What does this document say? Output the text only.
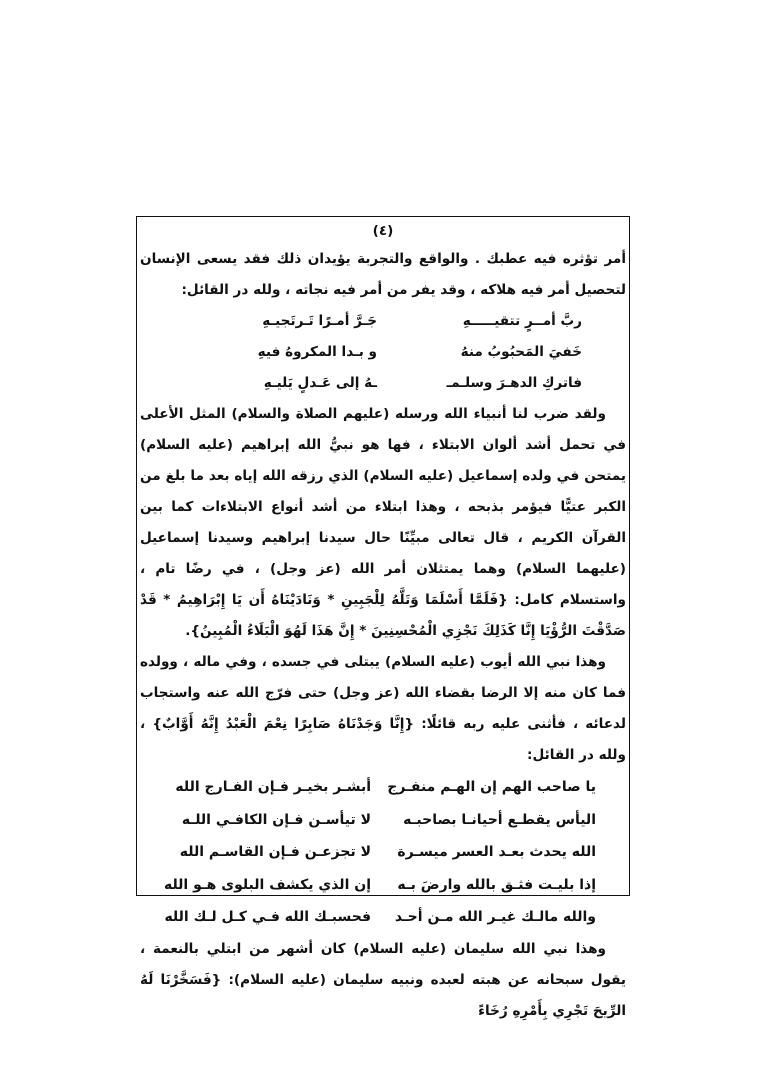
(٤)
أمر تؤثره فيه عطبك . والواقع والتجربة يؤيدان ذلك فقد يسعى الإنسان لتحصيل أمر فيه هلاكه ، وقد يفر من أمر فيه نجاته ، ولله در القائل:
ربَّ أمــرٍ تتقيـــــهِ
جَـرَّ أمـرًا تَـرتَجيـهِ
خَفيَ المَحبُوبُ منهُ
و بـدا المكروهُ فيهِ
فاتركِ الدهـرَ وسلـمـ
ـهُ إلى عَـدلٍ يَليـهِ
ولقد ضرب لنا أنبياء الله ورسله (عليهم الصلاة والسلام) المثل الأعلى في تحمل أشد ألوان الابتلاء ، فها هو نبيُّ الله إبراهيم (عليه السلام) يمتحن في ولده إسماعيل (عليه السلام) الذي رزقه الله إياه بعد ما بلغ من الكبر عتيًّا فيؤمر بذبحه ، وهذا ابتلاء من أشد أنواع الابتلاءات كما بين القرآن الكريم ، قال تعالى مبيِّنًا حال سيدنا إبراهيم وسيدنا إسماعيل (عليهما السلام) وهما يمتثلان أمر الله (عز وجل) ، في رضًا تام ، واستسلام كامل: {فَلَمَّا أَسْلَمَا وَتَلَّهُ لِلْجَبِينِ * وَنَادَيْنَاهُ أَن يَا إِبْرَاهِيمُ * قَدْ صَدَّقْتَ الرُّؤْيَا إِنَّا كَذَلِكَ نَجْزِي الْمُحْسِنِينَ * إِنَّ هَذَا لَهُوَ الْبَلَاءُ الْمُبِينُ}.
وهذا نبي الله أيوب (عليه السلام) يبتلى في جسده ، وفي ماله ، وولده فما كان منه إلا الرضا بقضاء الله (عز وجل) حتى فرّج الله عنه واستجاب لدعائه ، فأثنى عليه ربه قائلًا: {إِنَّا وَجَدْنَاهُ صَابِرًا نِعْمَ الْعَبْدُ إِنَّهُ أَوَّابٌ} ، ولله در القائل:
يا صاحب الهم إن الهـم منفـرج
أبشـر بخيـر فـإن الفـارج الله
اليأس يقطـع أحيانـا بصاحبـه
لا تيأسـن فـإن الكافـي اللـه
الله يحدث بعـد العسر ميسـرة
لا تجزعـن فـإن القاسـم الله
إذا بليـت فثـق بالله وارضَ بـه
إن الذي يكشف البلوى هـو الله
والله مالـك غيـر الله مـن أحـد
فحسبـك الله فـي كـل لـك الله
وهذا نبي الله سليمان (عليه السلام) كان أشهر من ابتلي بالنعمة ، يقول سبحانه عن هبته لعبده ونبيه سليمان (عليه السلام): {فَسَخَّرْنَا لَهُ الرِّيحَ تَجْرِي بِأَمْرِهِ رُخَاءً
